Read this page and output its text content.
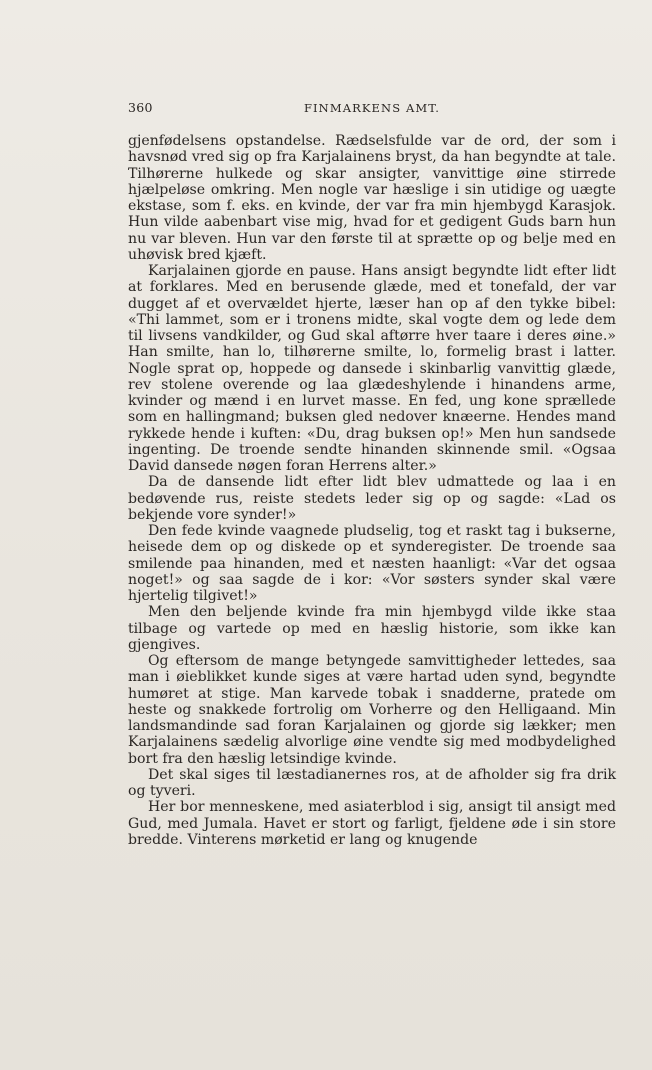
360	FINMARKENS AMT.

gjenfødelsens opstandelse. Rædselsfulde var de ord, der som i havsnød vred sig op fra Karjalainens bryst, da han begyndte at tale. Tilhørerne hulkede og skar ansigter, vanvittige øine stirrede hjælpeløse omkring. Men nogle var hæslige i sin utidige og uægte ekstase, som f. eks. en kvinde, der var fra min hjembygd Karasjok. Hun vilde aabenbart vise mig, hvad for et gedigent Guds barn hun nu var bleven. Hun var den første til at sprætte op og belje med en uhøvisk bred kjæft.

Karjalainen gjorde en pause. Hans ansigt begyndte lidt efter lidt at forklares. Med en berusende glæde, med et tonefald, der var dugget af et overvældet hjerte, læser han op af den tykke bibel: «Thi lammet, som er i tronens midte, skal vogte dem og lede dem til livsens vandkilder, og Gud skal aftørre hver taare i deres øine.» Han smilte, han lo, tilhørerne smilte, lo, formelig brast i latter. Nogle sprat op, hoppede og dansede i skinbarlig vanvittig glæde, rev stolene overende og laa glædeshylende i hinandens arme, kvinder og mænd i en lurvet masse. En fed, ung kone sprællede som en hallingmand; buksen gled nedover knæerne. Hendes mand rykkede hende i kuften: «Du, drag buksen op!» Men hun sandsede ingenting. De troende sendte hinanden skinnende smil. «Ogsaa David dansede nøgen foran Herrens alter.»

Da de dansende lidt efter lidt blev udmattede og laa i en bedøvende rus, reiste stedets leder sig op og sagde: «Lad os bekjende vore synder!»

Den fede kvinde vaagnede pludselig, tog et raskt tag i bukserne, heisede dem op og diskede op et synderegister. De troende saa smilende paa hinanden, med et næsten haanligt: «Var det ogsaa noget!» og saa sagde de i kor: «Vor søsters synder skal være hjertelig tilgivet!»

Men den beljende kvinde fra min hjembygd vilde ikke staa tilbage og vartede op med en hæslig historie, som ikke kan gjengives.

Og eftersom de mange betyngede samvittigheder lettedes, saa man i øieblikket kunde siges at være hartad uden synd, begyndte humøret at stige. Man karvede tobak i snadderne, pratede om heste og snakkede fortrolig om Vorherre og den Helligaand. Min landsmandinde sad foran Karjalainen og gjorde sig lækker; men Karjalainens sædelig alvorlige øine vendte sig med modbydelighed bort fra den hæslig letsindige kvinde.

Det skal siges til læstadianernes ros, at de afholder sig fra drik og tyveri.

Her bor menneskene, med asiaterblod i sig, ansigt til ansigt med Gud, med Jumala. Havet er stort og farligt, fjeldene øde i sin store bredde. Vinterens mørketid er lang og knugende
